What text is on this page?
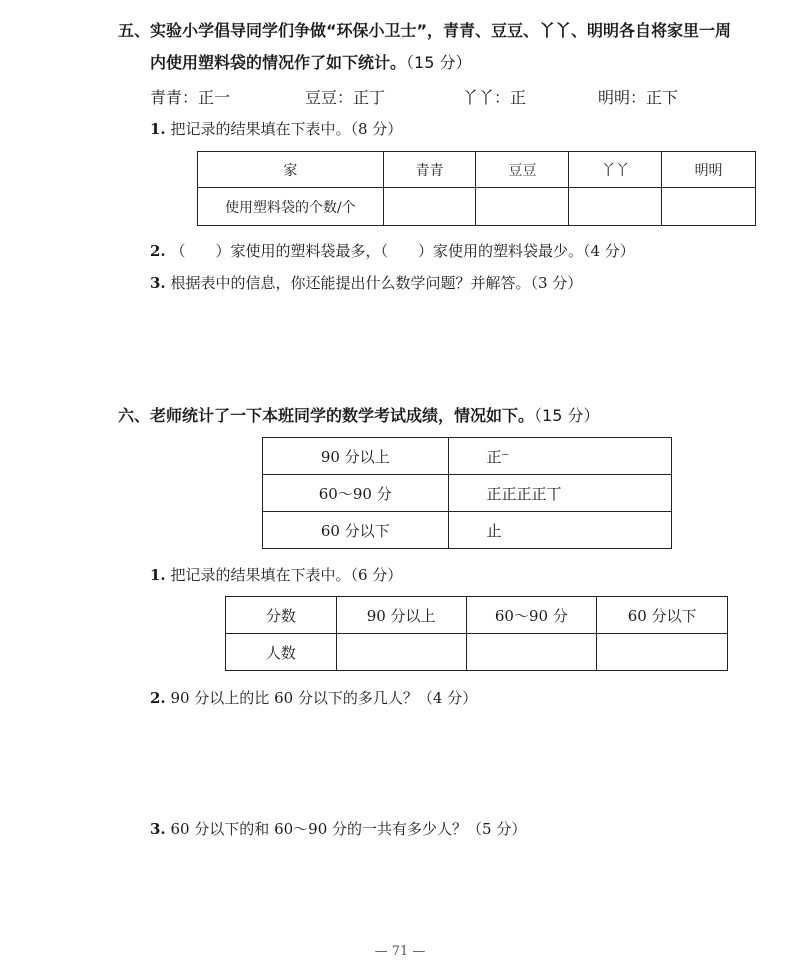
五、实验小学倡导同学们争做“环保小卫士”，青青、豆豆、丫丫、明明各自将家里一周
内使用塑料袋的情况作了如下统计。（15 分）
青青：正一	豆豆：正丁	丫丫：正	明明：正下
1. 把记录的结果填在下表中。（8 分）
家	青青	豆豆	丫丫	明明
使用塑料袋的个数/个				
2. （　　）家使用的塑料袋最多，（　　）家使用的塑料袋最少。（4 分）
3. 根据表中的信息，你还能提出什么数学问题？并解答。（3 分）
六、老师统计了一下本班同学的数学考试成绩，情况如下。（15 分）
90 分以上	正⁻
60～90 分	正正正正丅
60 分以下	止
1. 把记录的结果填在下表中。（6 分）
分数	90 分以上	60～90 分	60 分以下
人数			
2. 90 分以上的比 60 分以下的多几人？（4 分）
3. 60 分以下的和 60～90 分的一共有多少人？（5 分）
— 71 —
